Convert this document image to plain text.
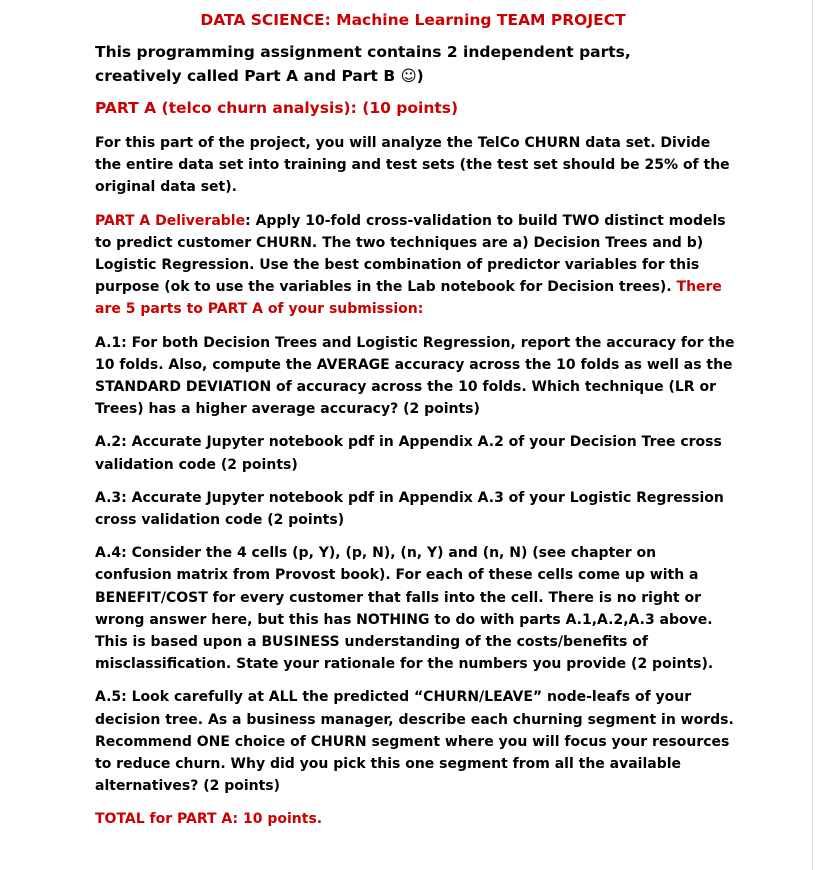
DATA SCIENCE: Machine Learning TEAM PROJECT
This programming assignment contains 2 independent parts,
creatively called Part A and Part B ☺)
PART A (telco churn analysis): (10 points)
For this part of the project, you will analyze the TelCo CHURN data set. Divide the entire data set into training and test sets (the test set should be 25% of the original data set).
PART A Deliverable: Apply 10-fold cross-validation to build TWO distinct models to predict customer CHURN. The two techniques are a) Decision Trees and b) Logistic Regression. Use the best combination of predictor variables for this purpose (ok to use the variables in the Lab notebook for Decision trees). There are 5 parts to PART A of your submission:
A.1: For both Decision Trees and Logistic Regression, report the accuracy for the 10 folds. Also, compute the AVERAGE accuracy across the 10 folds as well as the STANDARD DEVIATION of accuracy across the 10 folds. Which technique (LR or Trees) has a higher average accuracy? (2 points)
A.2: Accurate Jupyter notebook pdf in Appendix A.2 of your Decision Tree cross validation code (2 points)
A.3: Accurate Jupyter notebook pdf in Appendix A.3 of your Logistic Regression cross validation code (2 points)
A.4: Consider the 4 cells (p, Y), (p, N), (n, Y) and (n, N) (see chapter on confusion matrix from Provost book). For each of these cells come up with a BENEFIT/COST for every customer that falls into the cell. There is no right or wrong answer here, but this has NOTHING to do with parts A.1,A.2,A.3 above. This is based upon a BUSINESS understanding of the costs/benefits of misclassification. State your rationale for the numbers you provide (2 points).
A.5: Look carefully at ALL the predicted “CHURN/LEAVE” node-leafs of your decision tree. As a business manager, describe each churning segment in words. Recommend ONE choice of CHURN segment where you will focus your resources to reduce churn. Why did you pick this one segment from all the available alternatives? (2 points)
TOTAL for PART A: 10 points.
